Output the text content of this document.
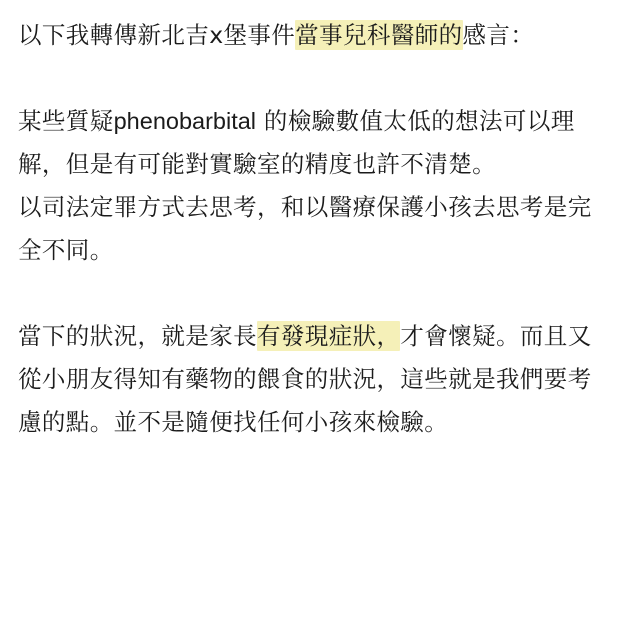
以下我轉傳新北吉x堡事件當事兒科醫師的感言：
某些質疑phenobarbital 的檢驗數值太低的想法可以理解，但是有可能對實驗室的精度也許不清楚。
以司法定罪方式去思考，和以醫療保護小孩去思考是完全不同。
當下的狀況，就是家長有發現症狀，才會懷疑。而且又從小朋友得知有藥物的餵食的狀況，這些就是我們要考慮的點。並不是隨便找任何小孩來檢驗。
